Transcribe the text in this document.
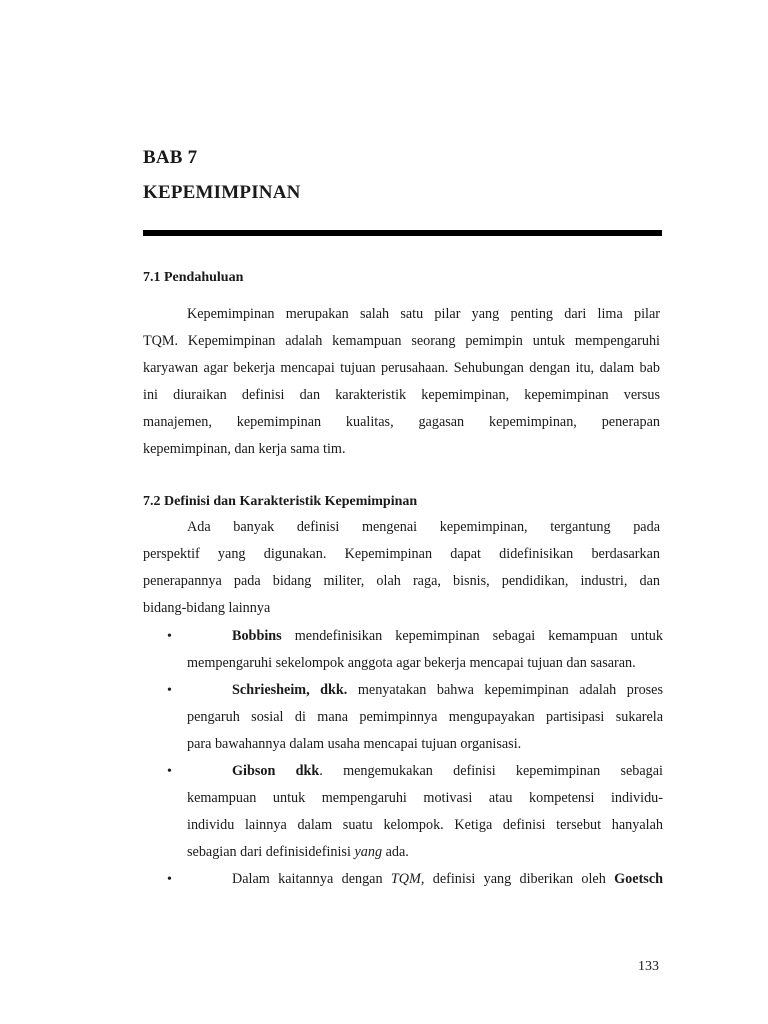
BAB 7
KEPEMIMPINAN
7.1 Pendahuluan
Kepemimpinan merupakan salah satu pilar yang penting dari lima pilar
TQM. Kepemimpinan adalah kemampuan seorang pemimpin untuk mempengaruhi
karyawan agar bekerja mencapai tujuan perusahaan. Sehubungan dengan itu, dalam bab
ini diuraikan definisi dan karakteristik kepemimpinan, kepemimpinan versus
manajemen, kepemimpinan kualitas, gagasan kepemimpinan, penerapan
kepemimpinan, dan kerja sama tim.
7.2 Definisi dan Karakteristik Kepemimpinan
Ada banyak definisi mengenai kepemimpinan, tergantung pada
perspektif yang digunakan. Kepemimpinan dapat didefinisikan berdasarkan
penerapannya pada bidang militer, olah raga, bisnis, pendidikan, industri, dan
bidang-bidang lainnya
•	Bobbins mendefinisikan kepemimpinan sebagai kemampuan untuk
mempengaruhi sekelompok anggota agar bekerja mencapai tujuan dan sasaran.
•	Schriesheim, dkk. menyatakan bahwa kepemimpinan adalah proses
pengaruh sosial di mana pemimpinnya mengupayakan partisipasi sukarela
para bawahannya dalam usaha mencapai tujuan organisasi.
•	Gibson dkk. mengemukakan definisi kepemimpinan sebagai
kemampuan untuk mempengaruhi motivasi atau kompetensi individu-
individu lainnya dalam suatu kelompok. Ketiga definisi tersebut hanyalah
sebagian dari definisidefinisi yang ada.
•	Dalam kaitannya dengan TQM, definisi yang diberikan oleh Goetsch
133
